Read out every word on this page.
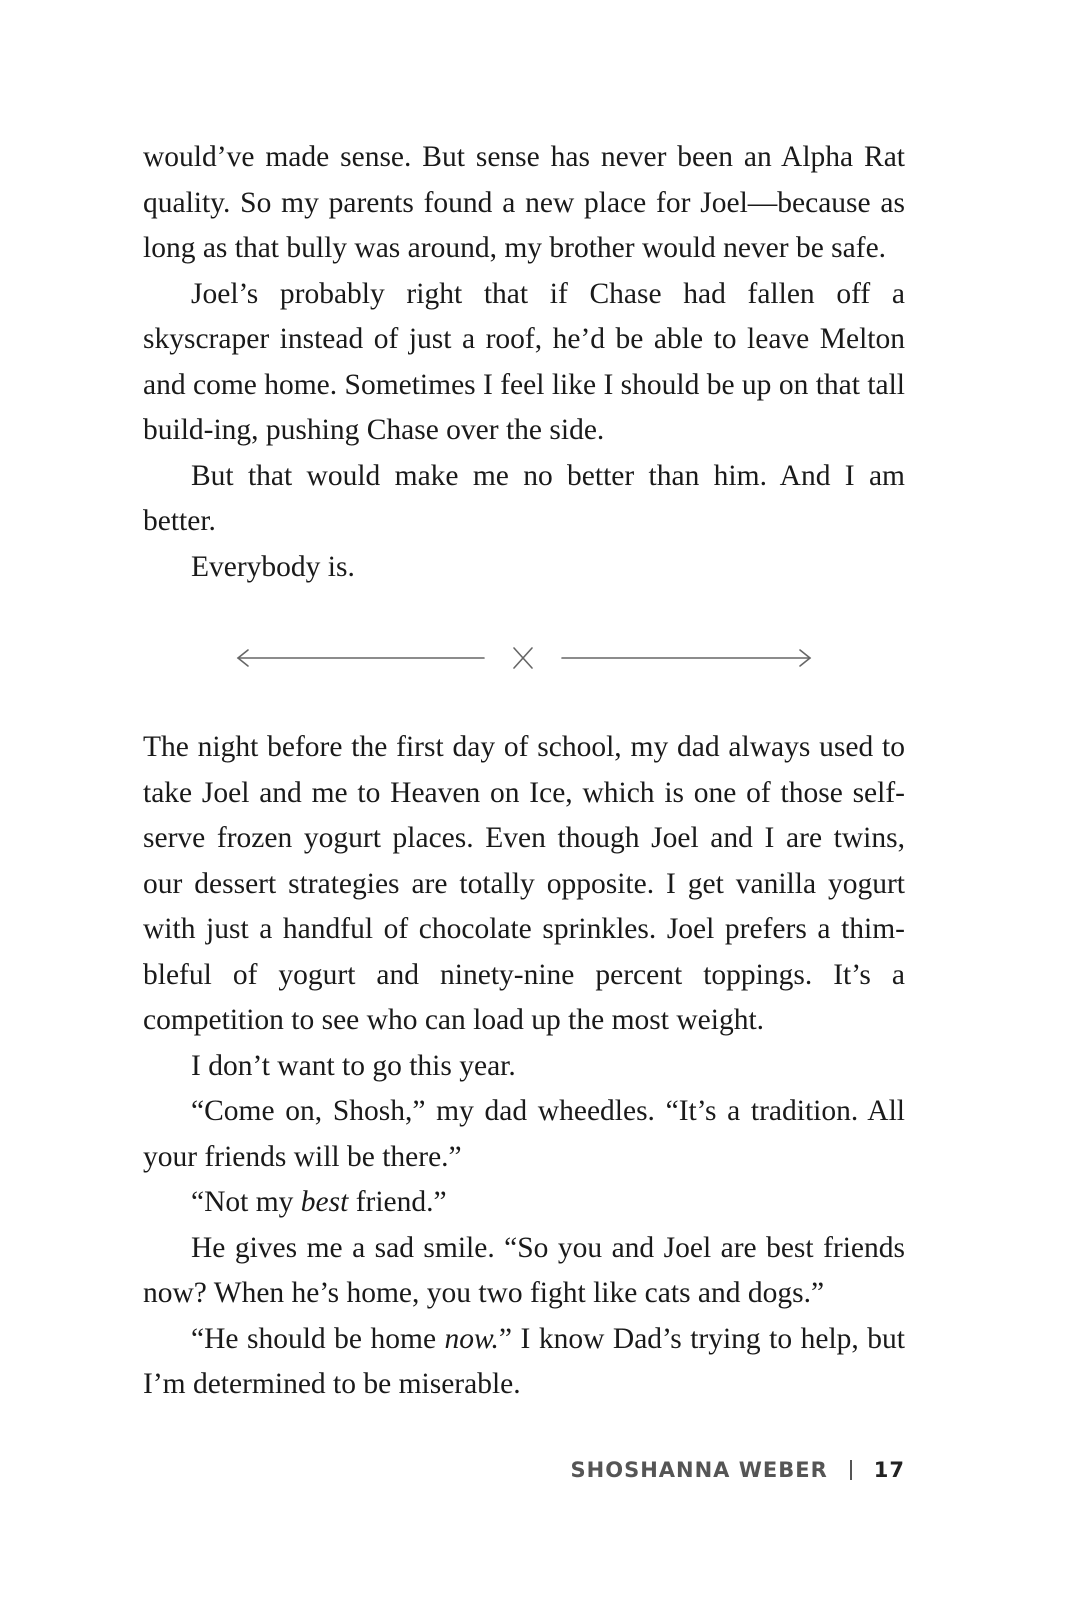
would’ve made sense. But sense has never been an Alpha Rat quality. So my parents found a new place for Joel—because as long as that bully was around, my brother would never be safe.

Joel’s probably right that if Chase had fallen off a skyscraper instead of just a roof, he’d be able to leave Melton and come home. Sometimes I feel like I should be up on that tall build-ing, pushing Chase over the side.

But that would make me no better than him. And I am better.

Everybody is.

The night before the first day of school, my dad always used to take Joel and me to Heaven on Ice, which is one of those self-serve frozen yogurt places. Even though Joel and I are twins, our dessert strategies are totally opposite. I get vanilla yogurt with just a handful of chocolate sprinkles. Joel prefers a thim-bleful of yogurt and ninety-nine percent toppings. It’s a competition to see who can load up the most weight.

I don’t want to go this year.

“Come on, Shosh,” my dad wheedles. “It’s a tradition. All your friends will be there.”

“Not my best friend.”

He gives me a sad smile. “So you and Joel are best friends now? When he’s home, you two fight like cats and dogs.”

“He should be home now.” I know Dad’s trying to help, but I’m determined to be miserable.

SHOSHANNA WEBER 17
